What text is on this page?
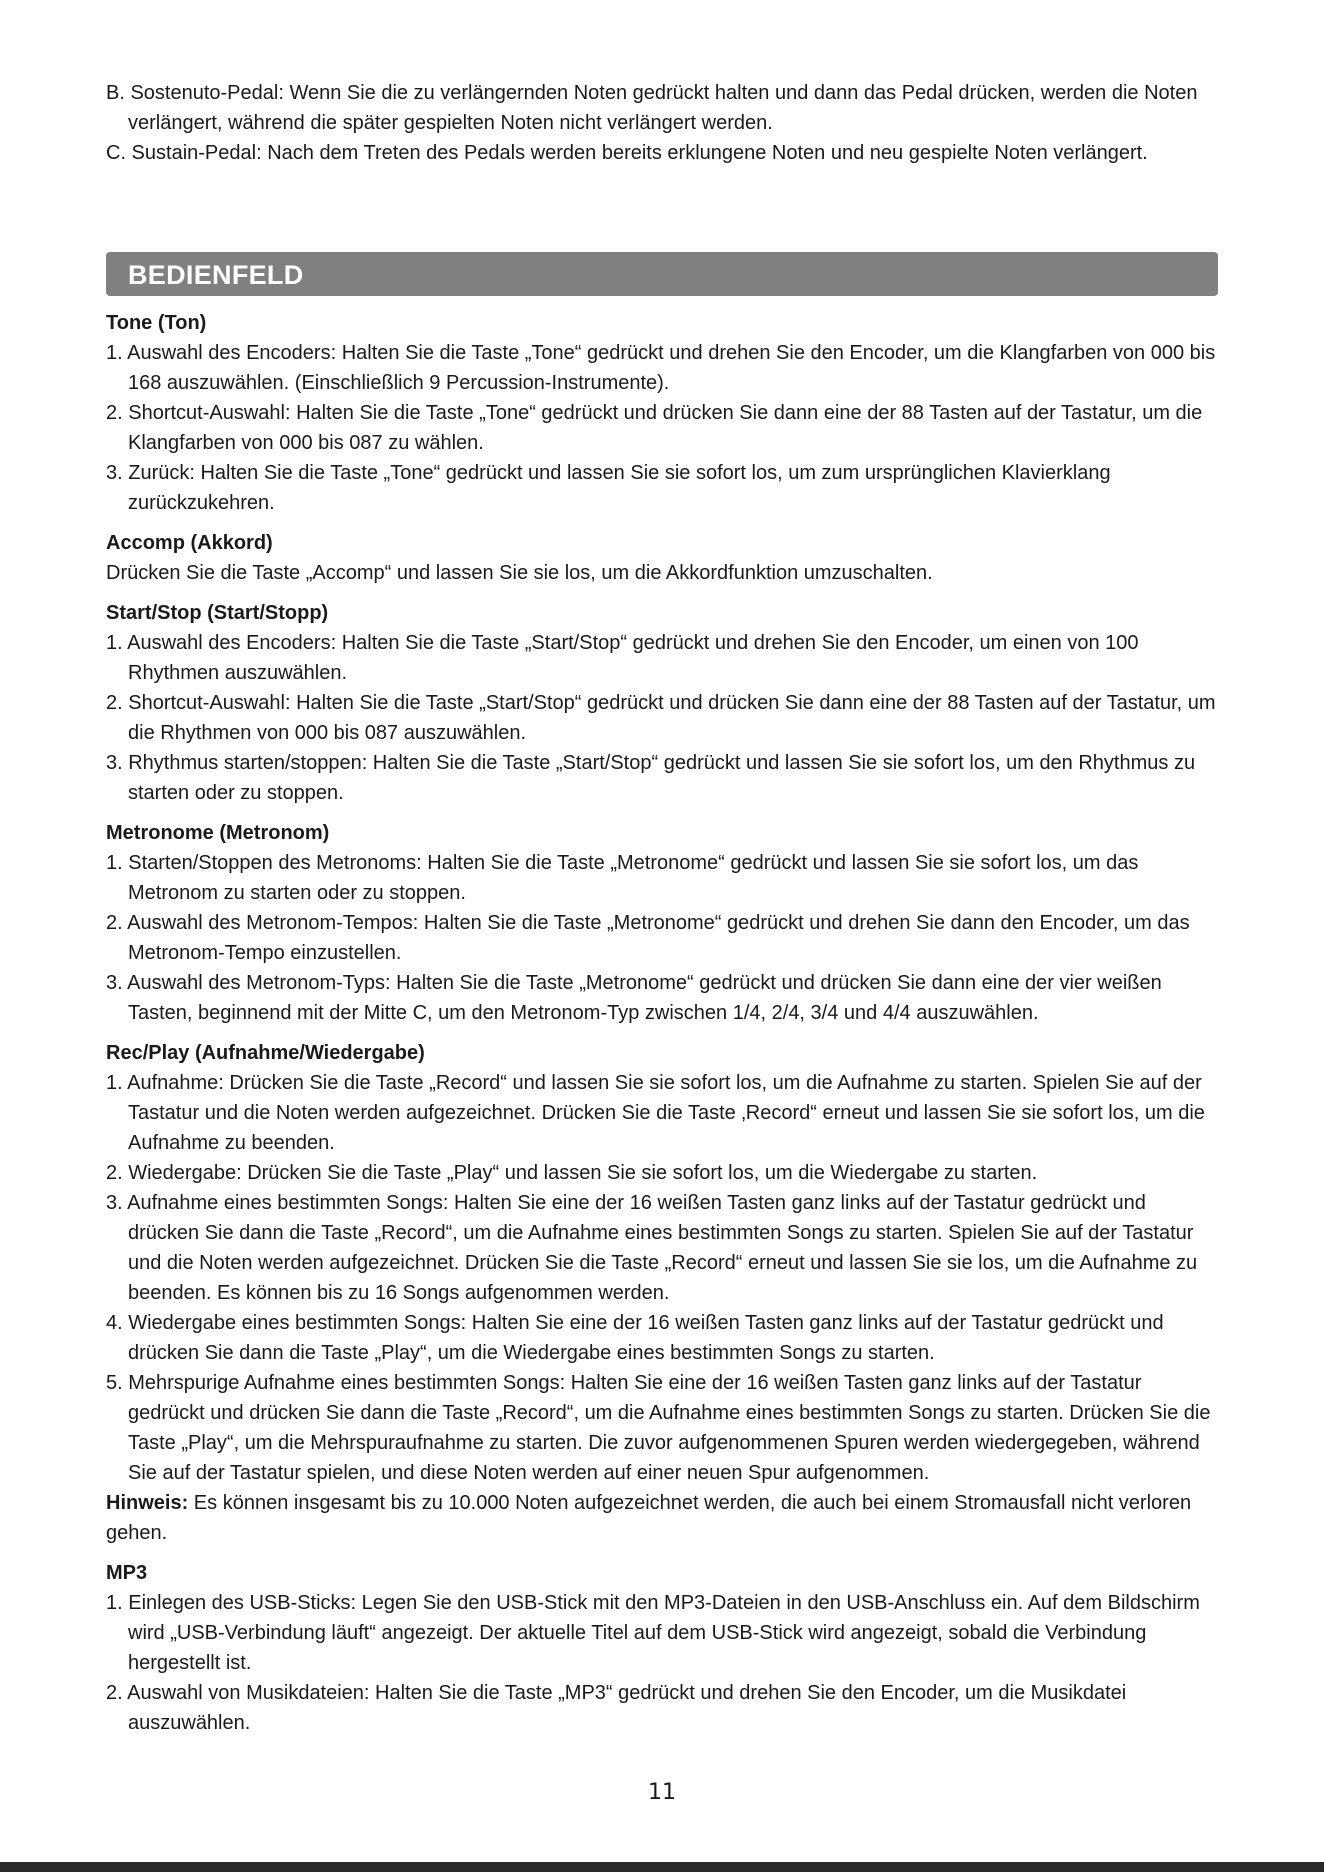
B. Sostenuto-Pedal: Wenn Sie die zu verlängernden Noten gedrückt halten und dann das Pedal drücken, werden die Noten verlängert, während die später gespielten Noten nicht verlängert werden.

C. Sustain-Pedal: Nach dem Treten des Pedals werden bereits erklungene Noten und neu gespielte Noten verlängert.

BEDIENFELD
Tone (Ton)
1. Auswahl des Encoders: Halten Sie die Taste „Tone“ gedrückt und drehen Sie den Encoder, um die Klangfarben von 000 bis 168 auszuwählen. (Einschließlich 9 Percussion-Instrumente).
2. Shortcut-Auswahl: Halten Sie die Taste „Tone“ gedrückt und drücken Sie dann eine der 88 Tasten auf der Tastatur, um die Klangfarben von 000 bis 087 zu wählen.
3. Zurück: Halten Sie die Taste „Tone“ gedrückt und lassen Sie sie sofort los, um zum ursprünglichen Klavierklang zurückzukehren.
Accomp (Akkord)

Drücken Sie die Taste „Accomp“ und lassen Sie sie los, um die Akkordfunktion umzuschalten.

Start/Stop (Start/Stopp)
1. Auswahl des Encoders: Halten Sie die Taste „Start/Stop“ gedrückt und drehen Sie den Encoder, um einen von 100 Rhythmen auszuwählen.
2. Shortcut-Auswahl: Halten Sie die Taste „Start/Stop“ gedrückt und drücken Sie dann eine der 88 Tasten auf der Tastatur, um die Rhythmen von 000 bis 087 auszuwählen.
3. Rhythmus starten/stoppen: Halten Sie die Taste „Start/Stop“ gedrückt und lassen Sie sie sofort los, um den Rhythmus zu starten oder zu stoppen.
Metronome (Metronom)
1. Starten/Stoppen des Metronoms: Halten Sie die Taste „Metronome“ gedrückt und lassen Sie sie sofort los, um das Metronom zu starten oder zu stoppen.
2. Auswahl des Metronom-Tempos: Halten Sie die Taste „Metronome“ gedrückt und drehen Sie dann den Encoder, um das Metronom-Tempo einzustellen.
3. Auswahl des Metronom-Typs: Halten Sie die Taste „Metronome“ gedrückt und drücken Sie dann eine der vier weißen Tasten, beginnend mit der Mitte C, um den Metronom-Typ zwischen 1/4, 2/4, 3/4 und 4/4 auszuwählen.
Rec/Play (Aufnahme/Wiedergabe)
1. Aufnahme: Drücken Sie die Taste „Record“ und lassen Sie sie sofort los, um die Aufnahme zu starten. Spielen Sie auf der Tastatur und die Noten werden aufgezeichnet. Drücken Sie die Taste ‚Record“ erneut und lassen Sie sie sofort los, um die Aufnahme zu beenden.
2. Wiedergabe: Drücken Sie die Taste „Play“ und lassen Sie sie sofort los, um die Wiedergabe zu starten.
3. Aufnahme eines bestimmten Songs: Halten Sie eine der 16 weißen Tasten ganz links auf der Tastatur gedrückt und drücken Sie dann die Taste „Record“, um die Aufnahme eines bestimmten Songs zu starten. Spielen Sie auf der Tastatur und die Noten werden aufgezeichnet. Drücken Sie die Taste „Record“ erneut und lassen Sie sie los, um die Aufnahme zu beenden. Es können bis zu 16 Songs aufgenommen werden.
4. Wiedergabe eines bestimmten Songs: Halten Sie eine der 16 weißen Tasten ganz links auf der Tastatur gedrückt und drücken Sie dann die Taste „Play“, um die Wiedergabe eines bestimmten Songs zu starten.
5. Mehrspurige Aufnahme eines bestimmten Songs: Halten Sie eine der 16 weißen Tasten ganz links auf der Tastatur gedrückt und drücken Sie dann die Taste „Record“, um die Aufnahme eines bestimmten Songs zu starten. Drücken Sie die Taste „Play“, um die Mehrspuraufnahme zu starten. Die zuvor aufgenommenen Spuren werden wiedergegeben, während Sie auf der Tastatur spielen, und diese Noten werden auf einer neuen Spur aufgenommen.

Hinweis: Es können insgesamt bis zu 10.000 Noten aufgezeichnet werden, die auch bei einem Stromausfall nicht verloren gehen.

MP3
1. Einlegen des USB-Sticks: Legen Sie den USB-Stick mit den MP3-Dateien in den USB-Anschluss ein. Auf dem Bildschirm wird „USB-Verbindung läuft“ angezeigt. Der aktuelle Titel auf dem USB-Stick wird angezeigt, sobald die Verbindung hergestellt ist.
2. Auswahl von Musikdateien: Halten Sie die Taste „MP3“ gedrückt und drehen Sie den Encoder, um die Musikdatei auszuwählen.
11
